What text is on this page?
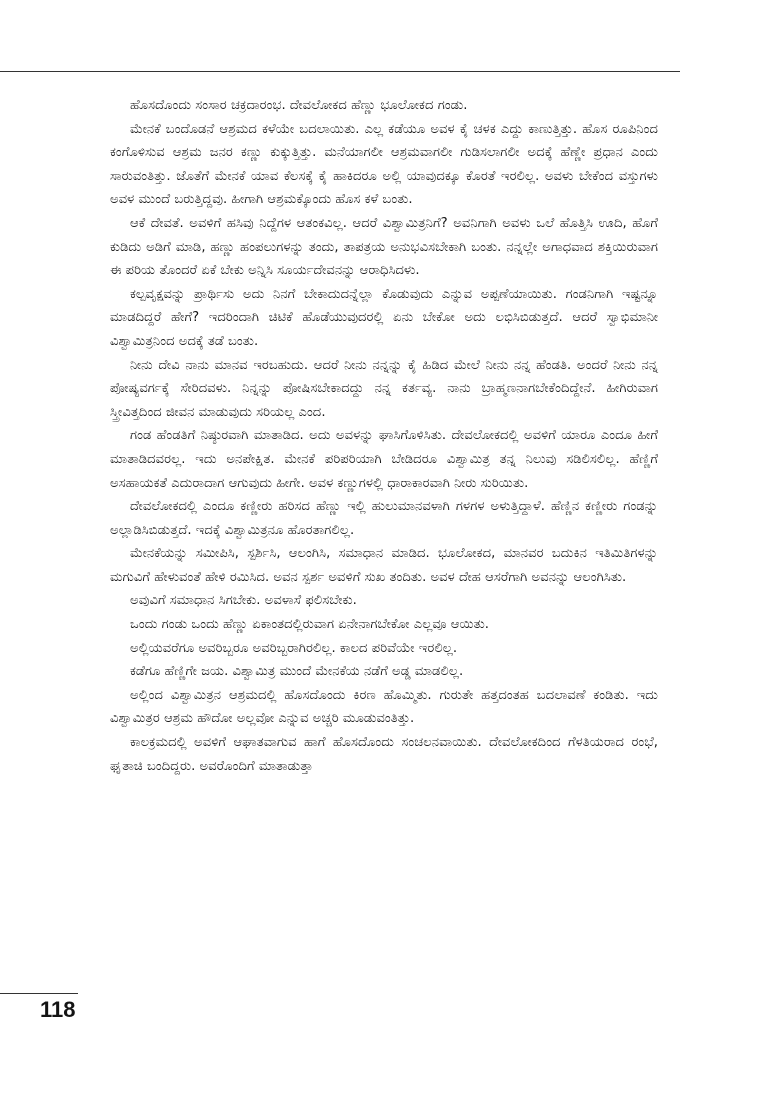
ಹೊಸದೊಂದು ಸಂಸಾರ ಚಕ್ರದಾರಂಭ. ದೇವಲೋಕದ ಹೆಣ್ಣು ಭೂಲೋಕದ ಗಂಡು.

ಮೇನಕೆ ಬಂದೊಡನೆ ಆಶ್ರಮದ ಕಳೆಯೇ ಬದಲಾಯಿತು. ಎಲ್ಲ ಕಡೆಯೂ ಅವಳ ಕೈ ಚಳಕ ಎದ್ದು ಕಾಣುತ್ತಿತ್ತು. ಹೊಸ ರೂಪಿನಿಂದ ಕಂಗೊಳಿಸುವ ಆಶ್ರಮ ಜನರ ಕಣ್ಣು ಕುಕ್ಕುತ್ತಿತ್ತು. ಮನೆಯಾಗಲೀ ಆಶ್ರಮವಾಗಲೀ ಗುಡಿಸಲಾಗಲೀ ಅದಕ್ಕೆ ಹೆಣ್ಣೇ ಪ್ರಧಾನ ಎಂದು ಸಾರುವಂತಿತ್ತು. ಜೊತೆಗೆ ಮೇನಕೆ ಯಾವ ಕೆಲಸಕ್ಕೆ ಕೈ ಹಾಕಿದರೂ ಅಲ್ಲಿ ಯಾವುದಕ್ಕೂ ಕೊರತೆ ಇರಲಿಲ್ಲ. ಅವಳು ಬೇಕೆಂದ ವಸ್ತುಗಳು ಅವಳ ಮುಂದೆ ಬರುತ್ತಿದ್ದವು. ಹೀಗಾಗಿ ಆಶ್ರಮಕ್ಕೊಂದು ಹೊಸ ಕಳೆ ಬಂತು.

ಆಕೆ ದೇವತೆ. ಅವಳಿಗೆ ಹಸಿವು ನಿದ್ದೆಗಳ ಆತಂಕವಿಲ್ಲ. ಆದರೆ ವಿಶ್ವಾಮಿತ್ರನಿಗೆ? ಅವನಿಗಾಗಿ ಅವಳು ಒಲೆ ಹೊತ್ತಿಸಿ ಊದಿ, ಹೊಗೆ ಕುಡಿದು ಅಡಿಗೆ ಮಾಡಿ, ಹಣ್ಣು ಹಂಪಲುಗಳನ್ನು ತಂದು, ತಾಪತ್ರಯ ಅನುಭವಿಸಬೇಕಾಗಿ ಬಂತು. ನನ್ನಲ್ಲೇ ಅಗಾಧವಾದ ಶಕ್ತಿಯಿರುವಾಗ ಈ ಪರಿಯ ತೊಂದರೆ ಏಕೆ ಬೇಕು ಅನ್ನಿಸಿ ಸೂರ್ಯದೇವನನ್ನು ಆರಾಧಿಸಿದಳು.

ಕಲ್ಪವೃಕ್ಷವನ್ನು ಪ್ರಾರ್ಥಿಸು ಅದು ನಿನಗೆ ಬೇಕಾದುದನ್ನೆಲ್ಲಾ ಕೊಡುವುದು ಎನ್ನುವ ಅಪ್ಪಣೆಯಾಯಿತು. ಗಂಡನಿಗಾಗಿ ಇಷ್ಟನ್ನೂ ಮಾಡದಿದ್ದರೆ ಹೇಗೆ? ಇದರಿಂದಾಗಿ ಚಿಟಿಕೆ ಹೊಡೆಯುವುದರಲ್ಲಿ ಏನು ಬೇಕೋ ಅದು ಲಭಿಸಿಬಿಡುತ್ತದೆ. ಆದರೆ ಸ್ವಾಭಿಮಾನೀ ವಿಶ್ವಾಮಿತ್ರನಿಂದ ಅದಕ್ಕೆ ತಡೆ ಬಂತು.

ನೀನು ದೇವಿ ನಾನು ಮಾನವ ಇರಬಹುದು. ಆದರೆ ನೀನು ನನ್ನನ್ನು ಕೈ ಹಿಡಿದ ಮೇಲೆ ನೀನು ನನ್ನ ಹೆಂಡತಿ. ಅಂದರೆ ನೀನು ನನ್ನ ಪೋಷ್ಯವರ್ಗಕ್ಕೆ ಸೇರಿದವಳು. ನಿನ್ನನ್ನು ಪೋಷಿಸಬೇಕಾದದ್ದು ನನ್ನ ಕರ್ತವ್ಯ. ನಾನು ಬ್ರಾಹ್ಮಣನಾಗಬೇಕೆಂದಿದ್ದೇನೆ. ಹೀಗಿರುವಾಗ ಸ್ತ್ರೀವಿತ್ತದಿಂದ ಜೀವನ ಮಾಡುವುದು ಸರಿಯಲ್ಲ ಎಂದ.

ಗಂಡ ಹೆಂಡತಿಗೆ ನಿಷ್ಠುರವಾಗಿ ಮಾತಾಡಿದ. ಅದು ಅವಳನ್ನು ಘಾಸಿಗೊಳಿಸಿತು. ದೇವಲೋಕದಲ್ಲಿ ಅವಳಿಗೆ ಯಾರೂ ಎಂದೂ ಹೀಗೆ ಮಾತಾಡಿದವರಲ್ಲ. ಇದು ಅನಪೇಕ್ಷಿತ. ಮೇನಕೆ ಪರಿಪರಿಯಾಗಿ ಬೇಡಿದರೂ ವಿಶ್ವಾಮಿತ್ರ ತನ್ನ ನಿಲುವು ಸಡಿಲಿಸಲಿಲ್ಲ. ಹೆಣ್ಣಿಗೆ ಅಸಹಾಯಕತೆ ಎದುರಾದಾಗ ಆಗುವುದು ಹೀಗೇ. ಅವಳ ಕಣ್ಣುಗಳಲ್ಲಿ ಧಾರಾಕಾರವಾಗಿ ನೀರು ಸುರಿಯಿತು.

ದೇವಲೋಕದಲ್ಲಿ ಎಂದೂ ಕಣ್ಣೀರು ಹರಿಸದ ಹೆಣ್ಣು ಇಲ್ಲಿ ಹುಲುಮಾನವಳಾಗಿ ಗಳಗಳ ಅಳುತ್ತಿದ್ದಾಳೆ. ಹೆಣ್ಣಿನ ಕಣ್ಣೀರು ಗಂಡನ್ನು ಅಲ್ಲಾಡಿಸಿಬಿಡುತ್ತದೆ. ಇದಕ್ಕೆ ವಿಶ್ವಾಮಿತ್ರನೂ ಹೊರತಾಗಲಿಲ್ಲ.

ಮೇನಕೆಯನ್ನು ಸಮೀಪಿಸಿ, ಸ್ಪರ್ಶಿಸಿ, ಆಲಂಗಿಸಿ, ಸಮಾಧಾನ ಮಾಡಿದ. ಭೂಲೋಕದ, ಮಾನವರ ಬದುಕಿನ ಇತಿಮಿತಿಗಳನ್ನು ಮಗುವಿಗೆ ಹೇಳುವಂತೆ ಹೇಳಿ ರಮಿಸಿದ. ಅವನ ಸ್ಪರ್ಶ ಅವಳಿಗೆ ಸುಖ ತಂದಿತು. ಅವಳ ದೇಹ ಆಸರೆಗಾಗಿ ಅವನನ್ನು ಆಲಂಗಿಸಿತು.

ಅವುವಿಗೆ ಸಮಾಧಾನ ಸಿಗಬೇಕು. ಅವಳಾಸೆ ಫಲಿಸಬೇಕು.

ಒಂದು ಗಂಡು ಒಂದು ಹೆಣ್ಣು ಏಕಾಂತದಲ್ಲಿರುವಾಗ ಏನೇನಾಗಬೇಕೋ ಎಲ್ಲವೂ ಆಯಿತು.

ಅಲ್ಲಿಯವರೆಗೂ ಅವರಿಬ್ಬರೂ ಅವರಿಬ್ಬರಾಗಿರಲಿಲ್ಲ. ಕಾಲದ ಪರಿವೆಯೇ ಇರಲಿಲ್ಲ.

ಕಡೆಗೂ ಹೆಣ್ಣಿಗೇ ಜಯ. ವಿಶ್ವಾಮಿತ್ರ ಮುಂದೆ ಮೇನಕೆಯ ನಡೆಗೆ ಅಡ್ಡ ಮಾಡಲಿಲ್ಲ.

ಅಲ್ಲಿಂದ ವಿಶ್ವಾಮಿತ್ರನ ಆಶ್ರಮದಲ್ಲಿ ಹೊಸದೊಂದು ಕಿರಣ ಹೊಮ್ಮಿತು. ಗುರುತೇ ಹತ್ತದಂತಹ ಬದಲಾವಣೆ ಕಂಡಿತು. ಇದು ವಿಶ್ವಾಮಿತ್ರರ ಆಶ್ರಮ ಹೌದೋ ಅಲ್ಲವೋ ಎನ್ನುವ ಅಚ್ಚರಿ ಮೂಡುವಂತಿತ್ತು.

ಕಾಲಕ್ರಮದಲ್ಲಿ ಅವಳಿಗೆ ಆಘಾತವಾಗುವ ಹಾಗೆ ಹೊಸದೊಂದು ಸಂಚಲನವಾಯಿತು. ದೇವಲೋಕದಿಂದ ಗೆಳತಿಯರಾದ ರಂಭೆ, ಘೃತಾಚಿ ಬಂದಿದ್ದರು. ಅವರೊಂದಿಗೆ ಮಾತಾಡುತ್ತಾ

118
